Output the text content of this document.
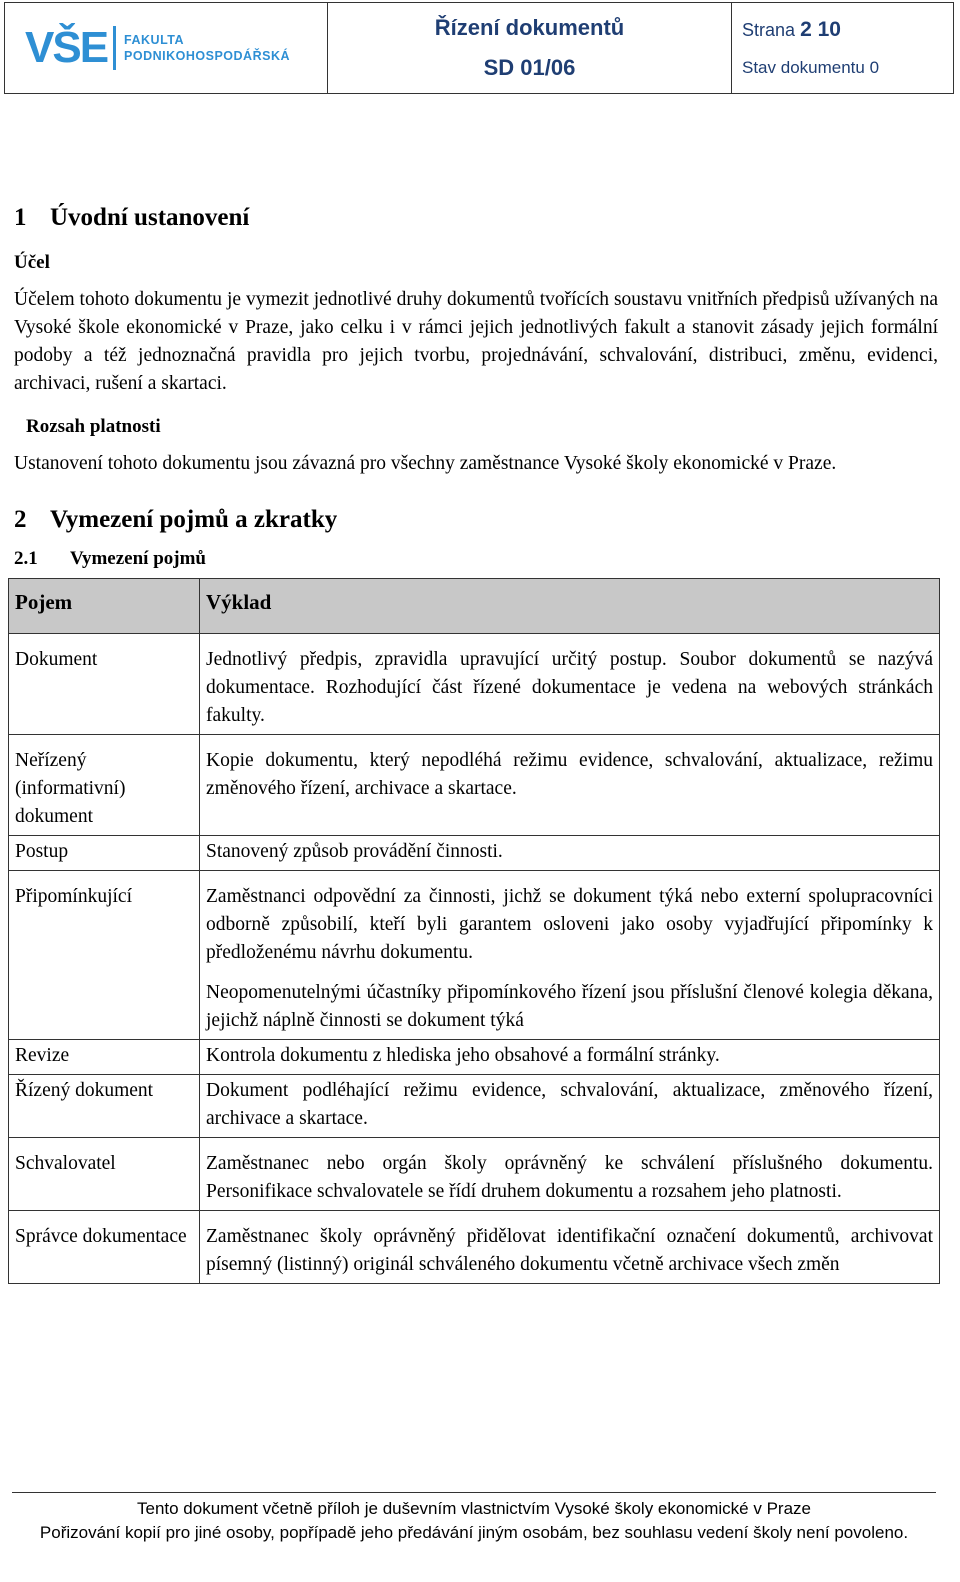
VŠE FAKULTA
PODNIKOHOSPODÁŘSKÁ
Řízení dokumentů
SD 01/06
Strana 2 10
Stav dokumentu 0
1 Úvodní ustanovení
Účel

Účelem tohoto dokumentu je vymezit jednotlivé druhy dokumentů tvořících soustavu vnitřních předpisů užívaných na Vysoké škole ekonomické v Praze, jako celku i v rámci jejich jednotlivých fakult a stanovit zásady jejich formální podoby a též jednoznačná pravidla pro jejich tvorbu, projednávání, schvalování, distribuci, změnu, evidenci, archivaci, rušení a skartaci.

Rozsah platnosti

Ustanovení tohoto dokumentu jsou závazná pro všechny zaměstnance Vysoké školy ekonomické v Praze.

2 Vymezení pojmů a zkratky
2.1 Vymezení pojmů
Pojem	Výklad
Dokument	Jednotlivý předpis, zpravidla upravující určitý postup. Soubor dokumentů se nazývá dokumentace. Rozhodující část řízené dokumentace je vedena na webových stránkách fakulty.
Neřízený (informativní) dokument	Kopie dokumentu, který nepodléhá režimu evidence, schvalování, aktualizace, režimu změnového řízení, archivace a skartace.
Postup	Stanovený způsob provádění činnosti.
Připomínkující	Zaměstnanci odpovědní za činnosti, jichž se dokument týká nebo externí spolupracovníci odborně způsobilí, kteří byli garantem osloveni jako osoby vyjadřující připomínky k předloženému návrhu dokumentu.
Neopomenutelnými účastníky připomínkového řízení jsou příslušní členové kolegia děkana, jejichž náplně činnosti se dokument týká

Revize	Kontrola dokumentu z hlediska jeho obsahové a formální stránky.
Řízený dokument	Dokument podléhající režimu evidence, schvalování, aktualizace, změnového řízení, archivace a skartace.
Schvalovatel	Zaměstnanec nebo orgán školy oprávněný ke schválení příslušného dokumentu. Personifikace schvalovatele se řídí druhem dokumentu a rozsahem jeho platnosti.
Správce dokumentace	Zaměstnanec školy oprávněný přidělovat identifikační označení dokumentů, archivovat písemný (listinný) originál schváleného dokumentu včetně archivace všech změn
Tento dokument včetně příloh je duševním vlastnictvím Vysoké školy ekonomické v Praze
Pořizování kopií pro jiné osoby, popřípadě jeho předávání jiným osobám, bez souhlasu vedení školy není povoleno.
